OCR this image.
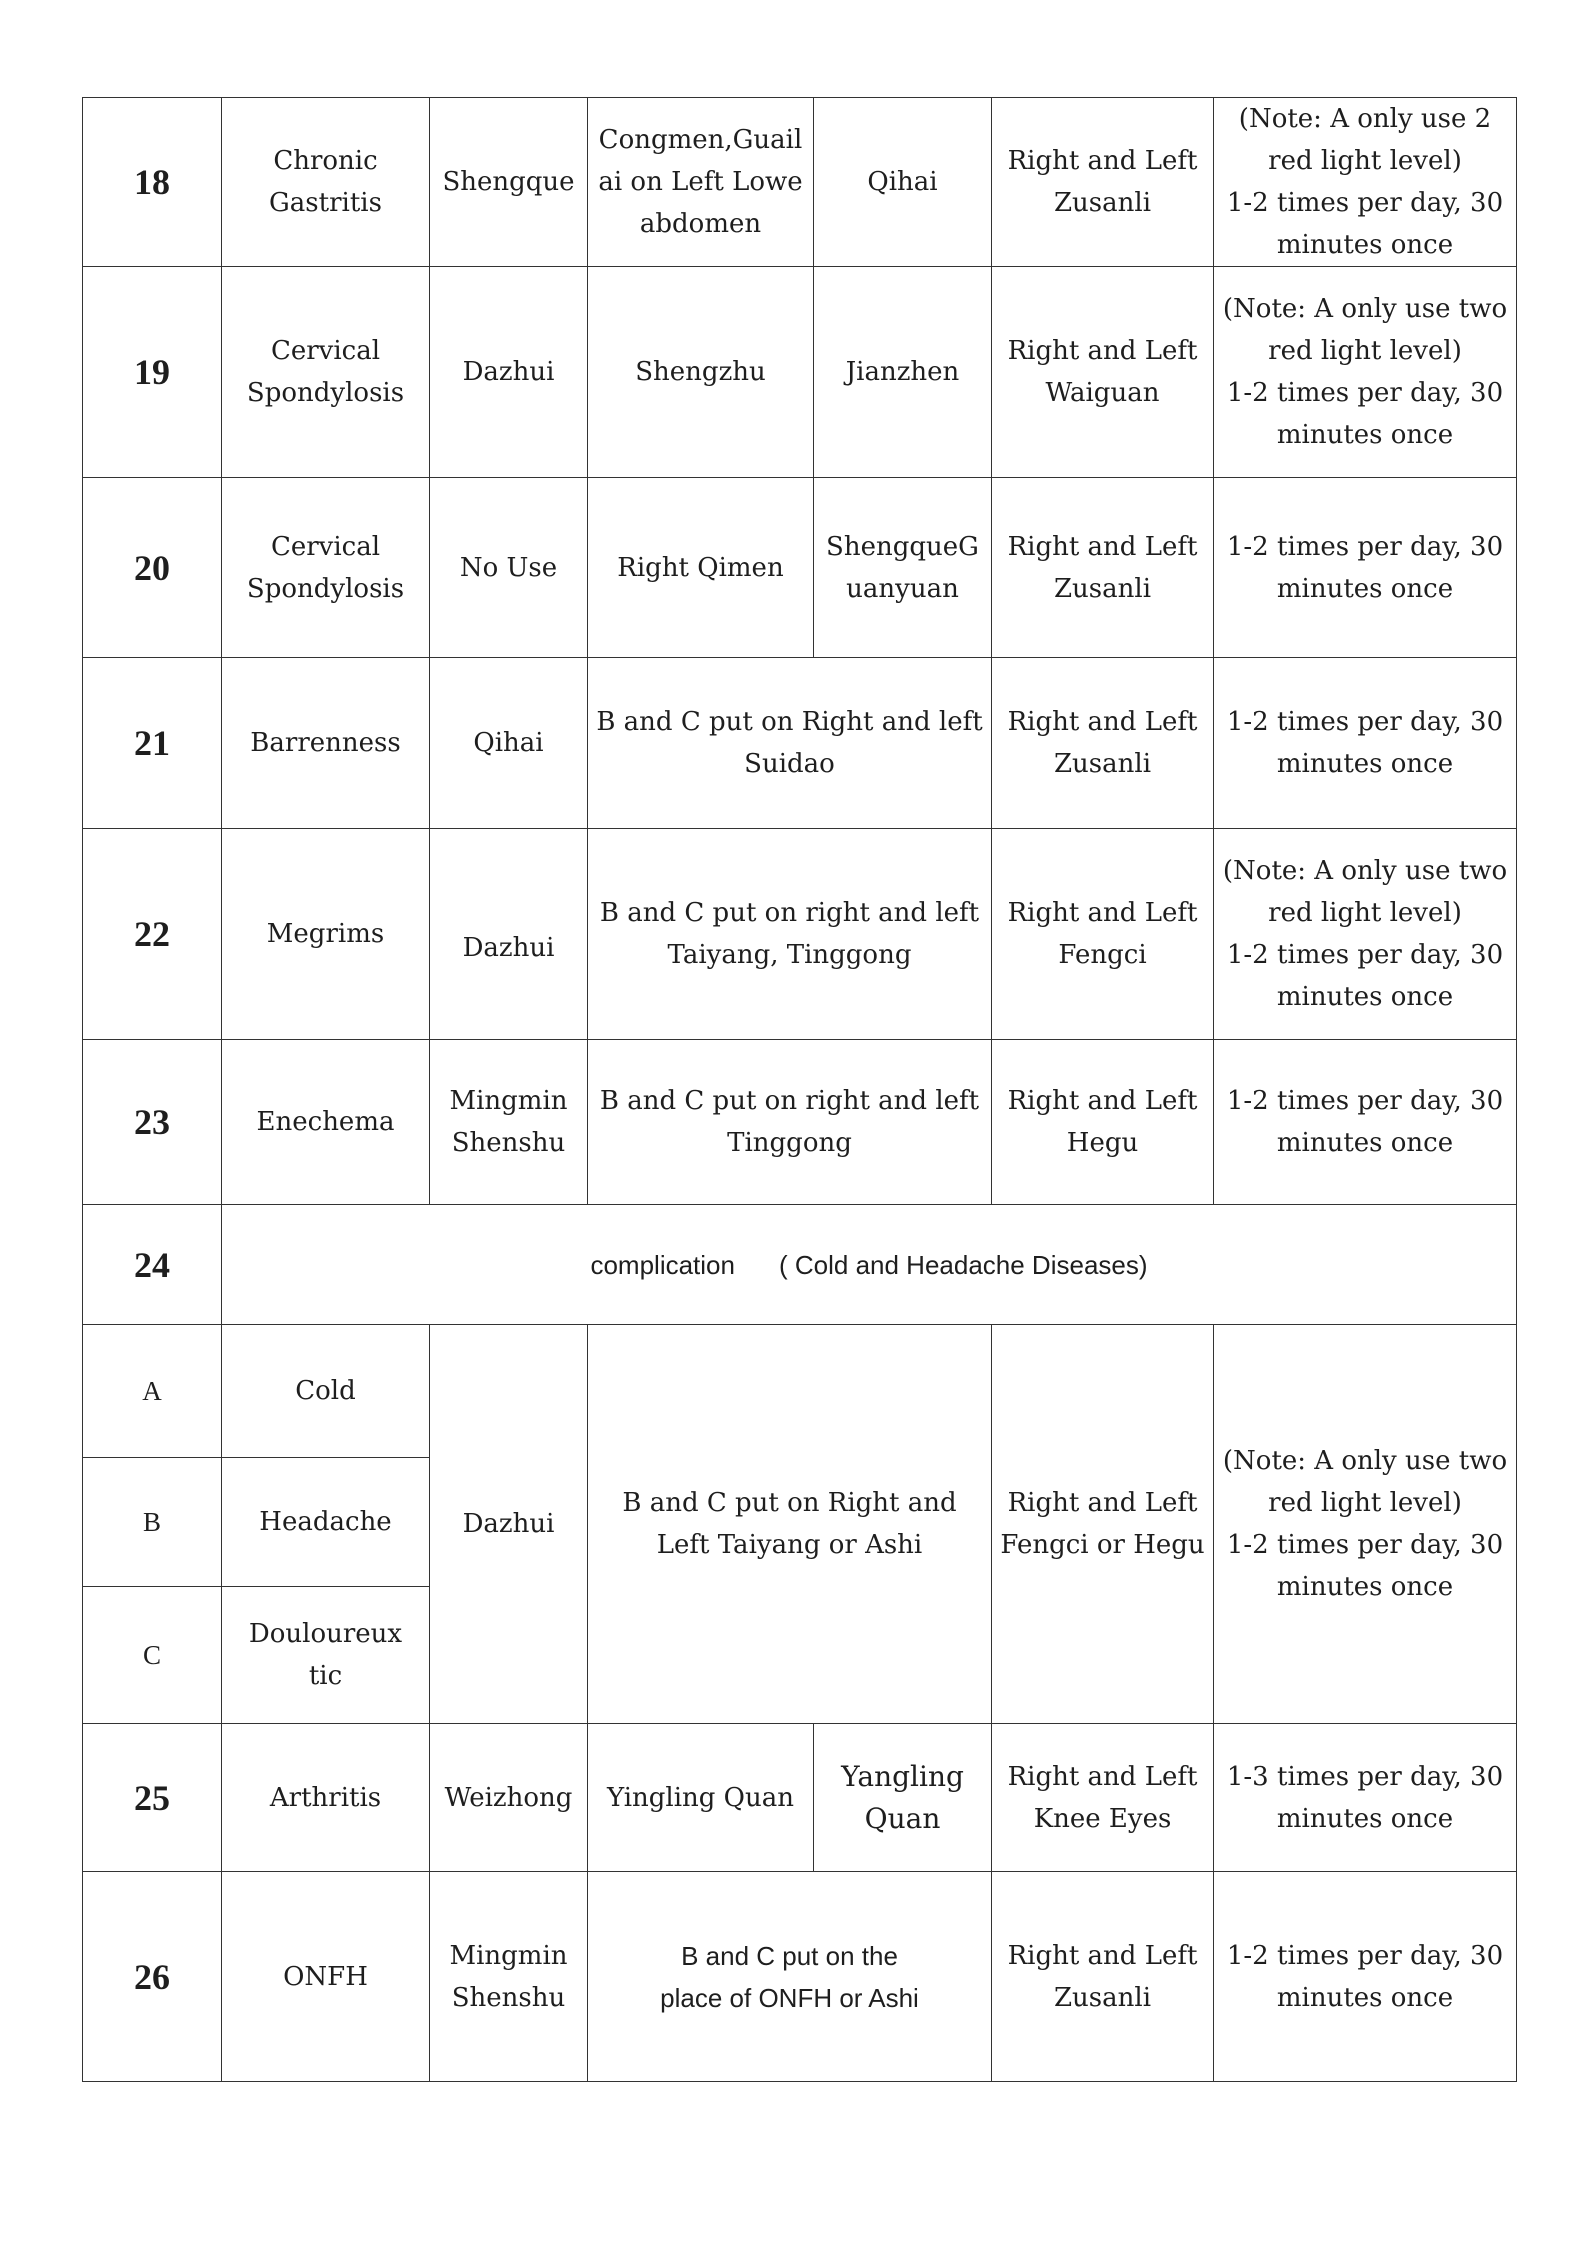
18	Chronic Gastritis	Shengque	Congmen,Guailai on Left Lowe abdomen	Qihai	Right and Left Zusanli	(Note: A only use 2 red light level)
1-2 times per day, 30 minutes once
19	Cervical Spondylosis	Dazhui	Shengzhu	Jianzhen	Right and Left Waiguan	(Note: A only use two red light level)
1-2 times per day, 30 minutes once
20	Cervical Spondylosis	No Use	Right Qimen	ShengqueGuanyuan	Right and Left Zusanli	1-2 times per day, 30 minutes once
21	Barrenness	Qihai	B and C put on Right and left Suidao		Right and Left Zusanli	1-2 times per day, 30 minutes once
22	Megrims	Dazhui	B and C put on right and left Taiyang, Tinggong		Right and Left Fengci	(Note: A only use two red light level)
1-2 times per day, 30 minutes once
23	Enechema	Mingmin Shenshu	B and C put on right and left Tinggong		Right and Left Hegu	1-2 times per day, 30 minutes once
24	complication ( Cold and Headache Diseases)					
A	Cold	Dazhui	B and C put on Right and Left Taiyang or Ashi		Right and Left Fengci or Hegu	(Note: A only use two red light level)
1-2 times per day, 30 minutes once
B	Headache					
C	Douloureux tic					
25	Arthritis	Weizhong	Yingling Quan	Yangling Quan	Right and Left Knee Eyes	1-3 times per day, 30 minutes once
26	ONFH	Mingmin Shenshu	B and C put on the place of ONFH or Ashi		Right and Left Zusanli	1-2 times per day, 30 minutes once
